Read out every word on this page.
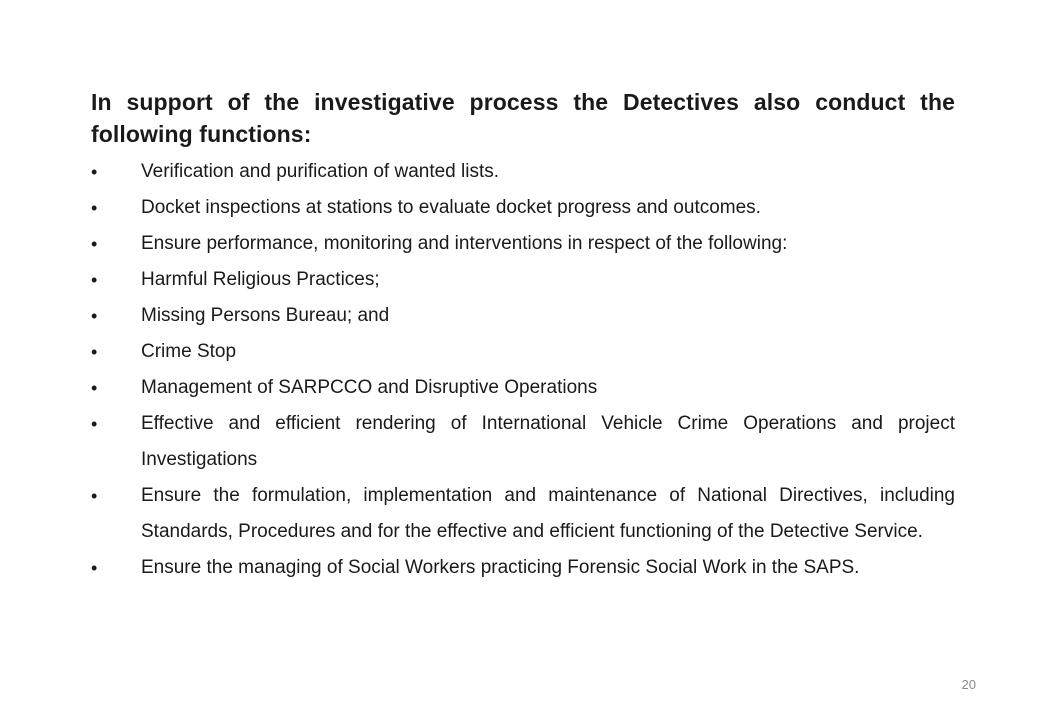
In support of the investigative process the Detectives also conduct the following functions:
•	Verification and purification of wanted lists.
•	Docket inspections at stations to evaluate docket progress and outcomes.
•	Ensure performance, monitoring and interventions in respect of the following:
•	Harmful Religious Practices;
•	Missing Persons Bureau; and
•	Crime Stop
•	Management of SARPCCO and Disruptive Operations
•	Effective and efficient rendering of International Vehicle Crime Operations and project Investigations
•	Ensure the formulation, implementation and maintenance of National Directives, including Standards, Procedures and for the effective and efficient functioning of the Detective Service.
•	Ensure the managing of Social Workers practicing Forensic Social Work in the SAPS.
20
